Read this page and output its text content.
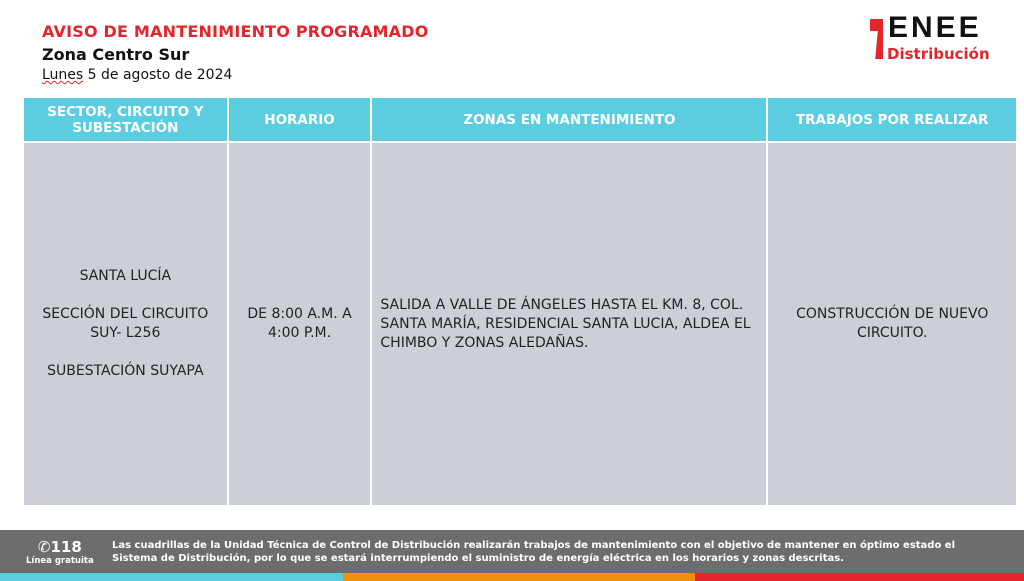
AVISO DE MANTENIMIENTO PROGRAMADO
Zona Centro Sur
Lunes 5 de agosto de 2024
ENEE
Distribución
SECTOR, CIRCUITO Y SUBESTACIÓN	HORARIO	ZONAS EN MANTENIMIENTO	TRABAJOS POR REALIZAR

SANTA LUCÍA

SECCIÓN DEL CIRCUITO SUY- L256

SUBESTACIÓN SUYAPA	DE 8:00 A.M. A 4:00 P.M.	SALIDA A VALLE DE ÁNGELES HASTA EL KM. 8, COL. SANTA MARÍA, RESIDENCIAL SANTA LUCIA, ALDEA EL CHIMBO Y ZONAS ALEDAÑAS.	CONSTRUCCIÓN DE NUEVO CIRCUITO.
✆118
Línea gratuita
Las cuadrillas de la Unidad Técnica de Control de Distribución realizarán trabajos de mantenimiento con el objetivo de mantener en óptimo estado el Sistema de Distribución, por lo que se estará interrumpiendo el suministro de energía eléctrica en los horarios y zonas descritas.
